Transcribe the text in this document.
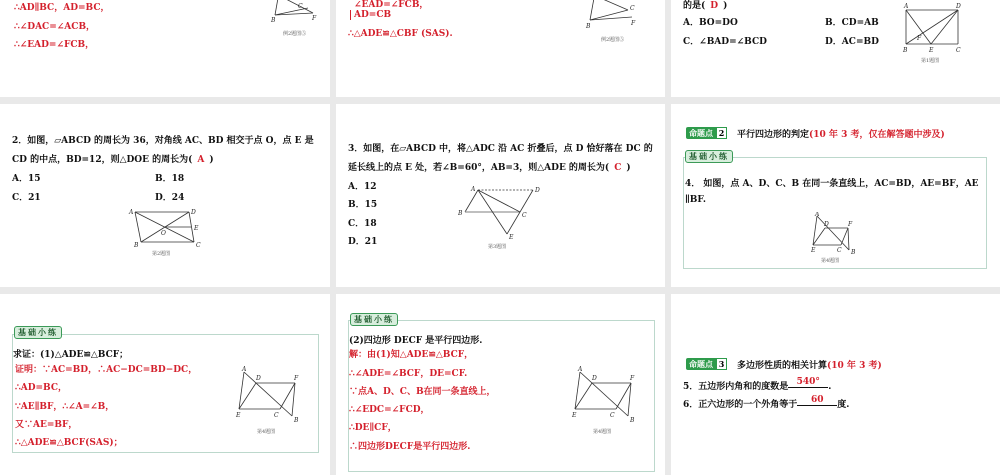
∴AD∥BC，AD=BC，
∴∠DAC=∠ACB，
∴∠EAD=∠FCB，
C
B	F
例2题图⑤
∠EAD=∠FCB，
AD=CB
∴△ADE≌△CBF (SAS).
C
B	F
例2题图⑤
的是( D )
A．BO=DO	B．CD=AB
C．∠BAD=∠BCD	D．AC=BD
A	D
F
B	E	C
第1题图
2．如图，▱ABCD 的周长为 36，对角线 AC、BD 相交于点 O，点 E 是
CD 的中点，BD=12，则△DOE 的周长为( A )
A．15	B．18
C．21	D．24
A	D
E
O
B	C
第2题图
3．如图，在▱ABCD 中，将△ADC 沿 AC 折叠后，点 D 恰好落在 DC 的
延长线上的点 E 处，若∠B=60°，AB=3，则△ADE 的周长为( C )
A．12
B．15
C．18
D．21
A	D
B	C
E
第3题图
命题点 2	平行四边形的判定(10 年 3 考，仅在解答题中涉及)
基础小练
4． 如图，点 A、D、C、B 在同一条直线上，AC=BD，AE=BF，AE
∥BF.
A
D	F
E	C B
第4题图
基础小练
求证：(1)△ADE≌△BCF；
证明：∵AC=BD，∴AC−DC=BD−DC，
∴AD=BC，
∵AE∥BF，∴∠A=∠B，
又∵AE=BF，
∴△ADE≌△BCF(SAS)；
A
D	F
E	C
B
第4题图
基础小练
(2)四边形 DECF 是平行四边形.
解：由(1)知△ADE≌△BCF，
∴∠ADE=∠BCF，DE=CF.
∵点A、D、C、B在同一条直线上，
∴∠EDC=∠FCD，
∴DE∥CF，
∴四边形DECF是平行四边形.
A
D	F
E	C
B
第4题图
命题点 3	多边形性质的相关计算(10 年 3 考)
5．五边形内角和的度数是 540° .
6．正六边形的一个外角等于 60 度.
